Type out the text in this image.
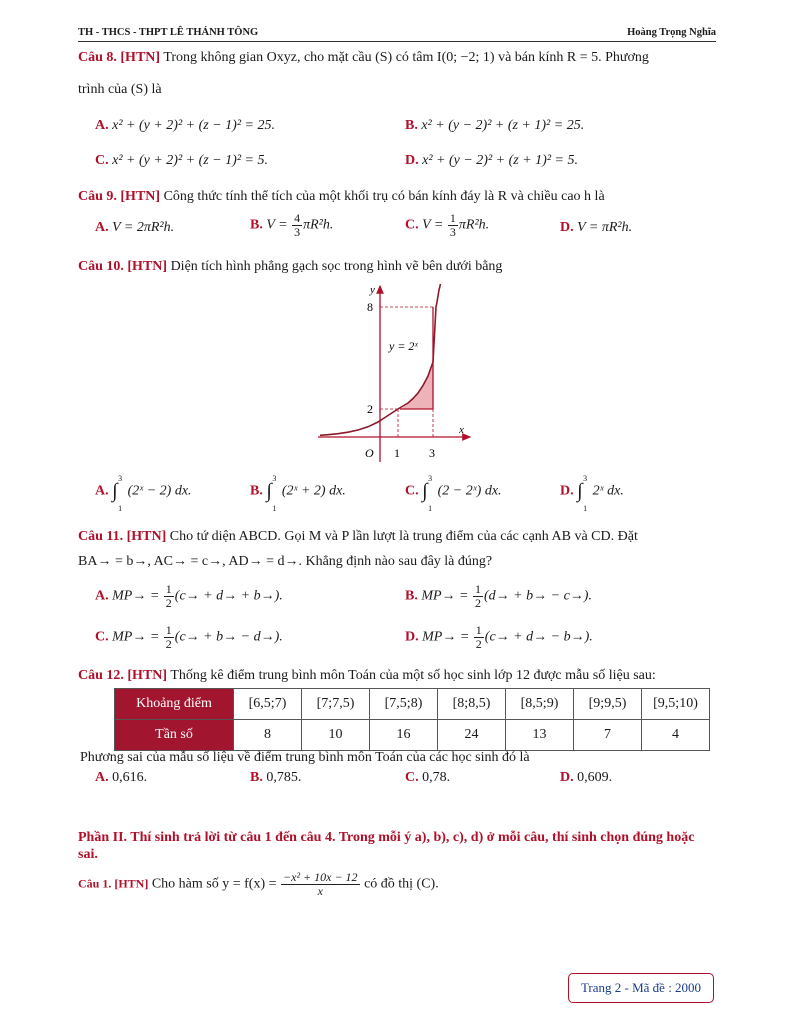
TH - THCS - THPT LÊ THÁNH TÔNG	Hoàng Trọng Nghĩa
Câu 8. [HTN] Trong không gian Oxyz, cho mặt cầu (S) có tâm I(0; −2; 1) và bán kính R = 5. Phương
trình của (S) là
A. x² + (y + 2)² + (z − 1)² = 25.	B. x² + (y − 2)² + (z + 1)² = 25.
C. x² + (y + 2)² + (z − 1)² = 5.	D. x² + (y − 2)² + (z + 1)² = 5.
Câu 9. [HTN] Công thức tính thể tích của một khối trụ có bán kính đáy là R và chiều cao h là
A. V = 2πR²h.	B. $V = \frac{4}{3} \pi R^2h$.	C. $V = \frac{1}{3} \pi R^2h$.	D. V = πR²h.
Câu 10. [HTN] Diện tích hình phẳng gạch sọc trong hình vẽ bên dưới bằng
y
x
8
2
O 1 3
y = 2ˣ
A. ∫
3
1
(2ˣ − 2) dx.	B. ∫
3
1
(2ˣ + 2) dx.	C. ∫
3
1
(2 − 2ˣ) dx.	D. ∫
3
1
2ˣ dx.
Câu 11. [HTN] Cho tứ diện ABCD. Gọi M và P lần lượt là trung điểm của các cạnh AB và CD. Đặt
BA→ = b→, AC→ = c→, AD→ = d→. Khẳng định nào sau đây là đúng?
A. $MP\to = \frac{1}{2} (c\to + d\to + b\to)$.	B. $MP\to = \frac{1}{2} (d\to + b\to - c\to)$.
C. $MP\to = \frac{1}{2} (c\to + b\to - d\to)$.	D. $MP\to = \frac{1}{2} (c\to + d\to - b\to)$.
Câu 12. [HTN] Thống kê điểm trung bình môn Toán của một số học sinh lớp 12 được mẫu số liệu sau:
Khoảng điểm	[6,5;7)	[7;7,5)	[7,5;8)	[8;8,5)	[8,5;9)	[9;9,5)	[9,5;10)
Tần số	8	10	16	24	13	7	4
Phương sai của mẫu số liệu về điểm trung bình môn Toán của các học sinh đó là
A. 0,616.	B. 0,785.	C. 0,78.	D. 0,609.
Phần II. Thí sinh trả lời từ câu 1 đến câu 4. Trong mỗi ý a), b), c), d) ở mỗi câu, thí sinh chọn đúng hoặc
sai.
Câu 1. [HTN] Cho hàm số $y = f(x) = \frac{\text{−x² + 10x − 12}}{x}$ có đồ thị (C).
Trang 2 - Mã đề : 2000
